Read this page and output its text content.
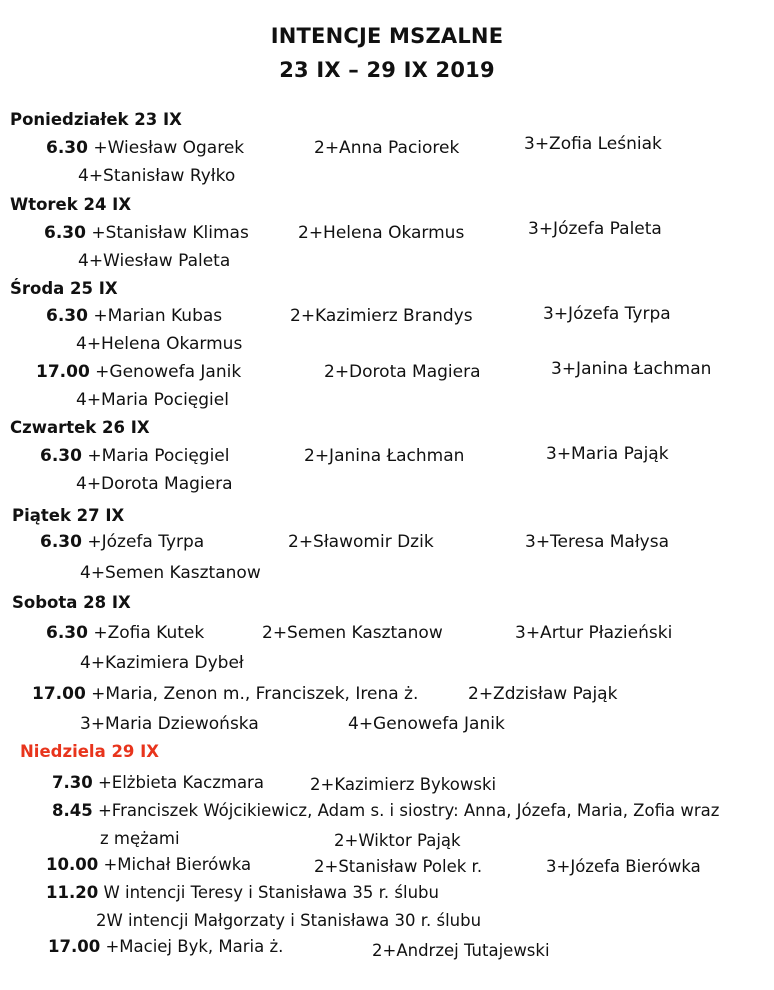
INTENCJE MSZALNE
23 IX – 29 IX 2019
Poniedziałek 23 IX
6.30 +Wiesław Ogarek	2+Anna Paciorek	3+Zofia Leśniak
4+Stanisław Ryłko
Wtorek 24 IX
6.30 +Stanisław Klimas	2+Helena Okarmus	3+Józefa Paleta
4+Wiesław Paleta
Środa 25 IX
6.30 +Marian Kubas	2+Kazimierz Brandys	3+Józefa Tyrpa
4+Helena Okarmus
17.00 +Genowefa Janik	2+Dorota Magiera	3+Janina Łachman
4+Maria Pocięgiel
Czwartek 26 IX
6.30 +Maria Pocięgiel	2+Janina Łachman	3+Maria Pająk
4+Dorota Magiera
Piątek 27 IX
6.30 +Józefa Tyrpa	2+Sławomir Dzik	3+Teresa Małysa
4+Semen Kasztanow
Sobota 28 IX
6.30 +Zofia Kutek	2+Semen Kasztanow	3+Artur Płazieński
4+Kazimiera Dybeł
17.00 +Maria, Zenon m., Franciszek, Irena ż.	2+Zdzisław Pająk
3+Maria Dziewońska	4+Genowefa Janik
Niedziela 29 IX
7.30 +Elżbieta Kaczmara	2+Kazimierz Bykowski
8.45 +Franciszek Wójcikiewicz, Adam s. i siostry: Anna, Józefa, Maria, Zofia wraz
z mężami	2+Wiktor Pająk
10.00 +Michał Bierówka	2+Stanisław Polek r.	3+Józefa Bierówka
11.20 W intencji Teresy i Stanisława 35 r. ślubu
2W intencji Małgorzaty i Stanisława 30 r. ślubu
17.00 +Maciej Byk, Maria ż.	2+Andrzej Tutajewski
